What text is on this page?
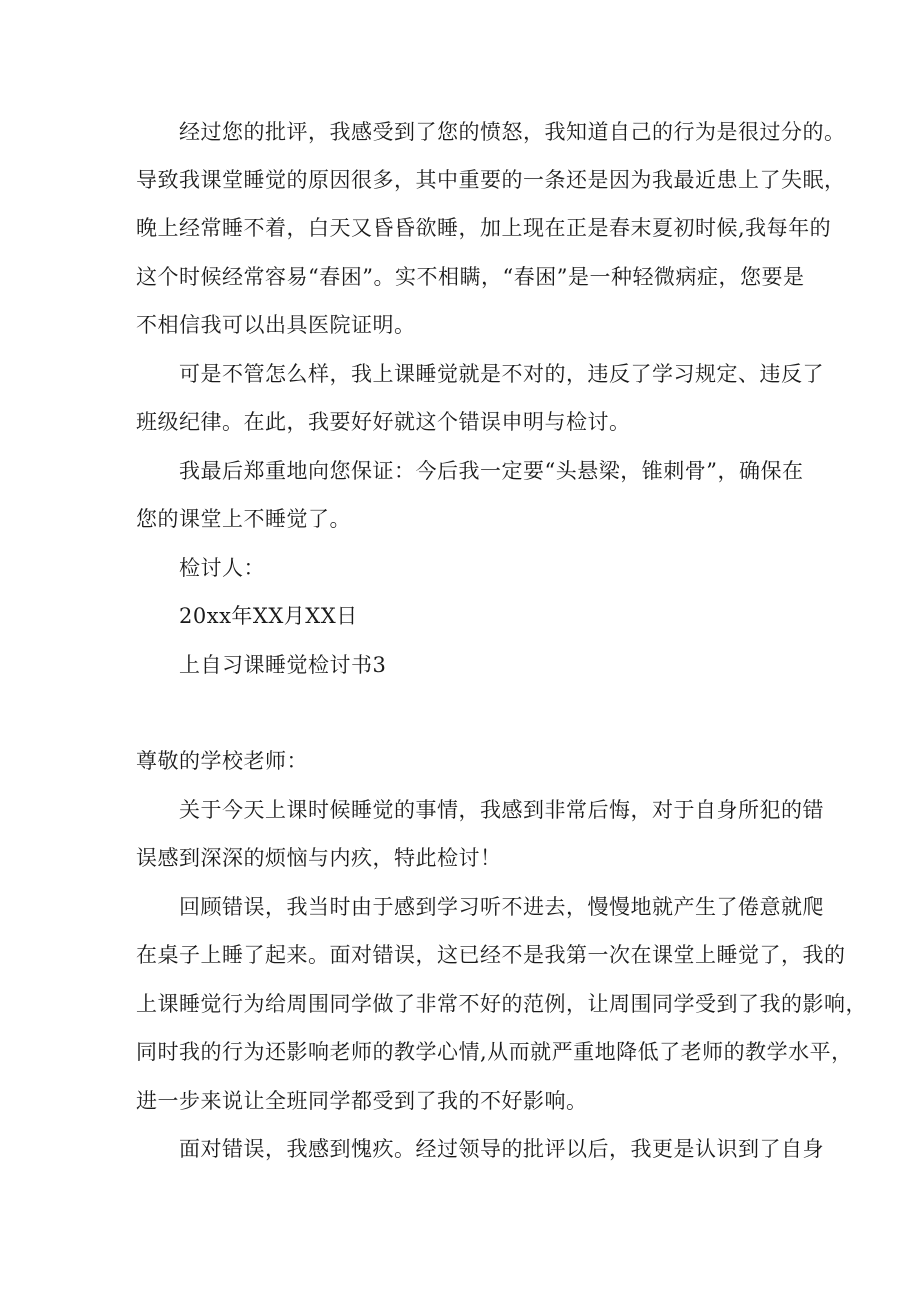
经过您的批评，我感受到了您的愤怒，我知道自己的行为是很过分的。
导致我课堂睡觉的原因很多，其中重要的一条还是因为我最近患上了失眠，
晚上经常睡不着，白天又昏昏欲睡，加上现在正是春末夏初时候,我每年的
这个时候经常容易“春困”。实不相瞒，“春困”是一种轻微病症，您要是
不相信我可以出具医院证明。
可是不管怎么样，我上课睡觉就是不对的，违反了学习规定、违反了
班级纪律。在此，我要好好就这个错误申明与检讨。
我最后郑重地向您保证：今后我一定要“头悬梁，锥刺骨”，确保在
您的课堂上不睡觉了。
检讨人：
20xx年XX月XX日
上自习课睡觉检讨书3
尊敬的学校老师：
关于今天上课时候睡觉的事情，我感到非常后悔，对于自身所犯的错
误感到深深的烦恼与内疚，特此检讨！
回顾错误，我当时由于感到学习听不进去，慢慢地就产生了倦意就爬
在桌子上睡了起来。面对错误，这已经不是我第一次在课堂上睡觉了，我的
上课睡觉行为给周围同学做了非常不好的范例，让周围同学受到了我的影响，
同时我的行为还影响老师的教学心情,从而就严重地降低了老师的教学水平，
进一步来说让全班同学都受到了我的不好影响。
面对错误，我感到愧疚。经过领导的批评以后，我更是认识到了自身
